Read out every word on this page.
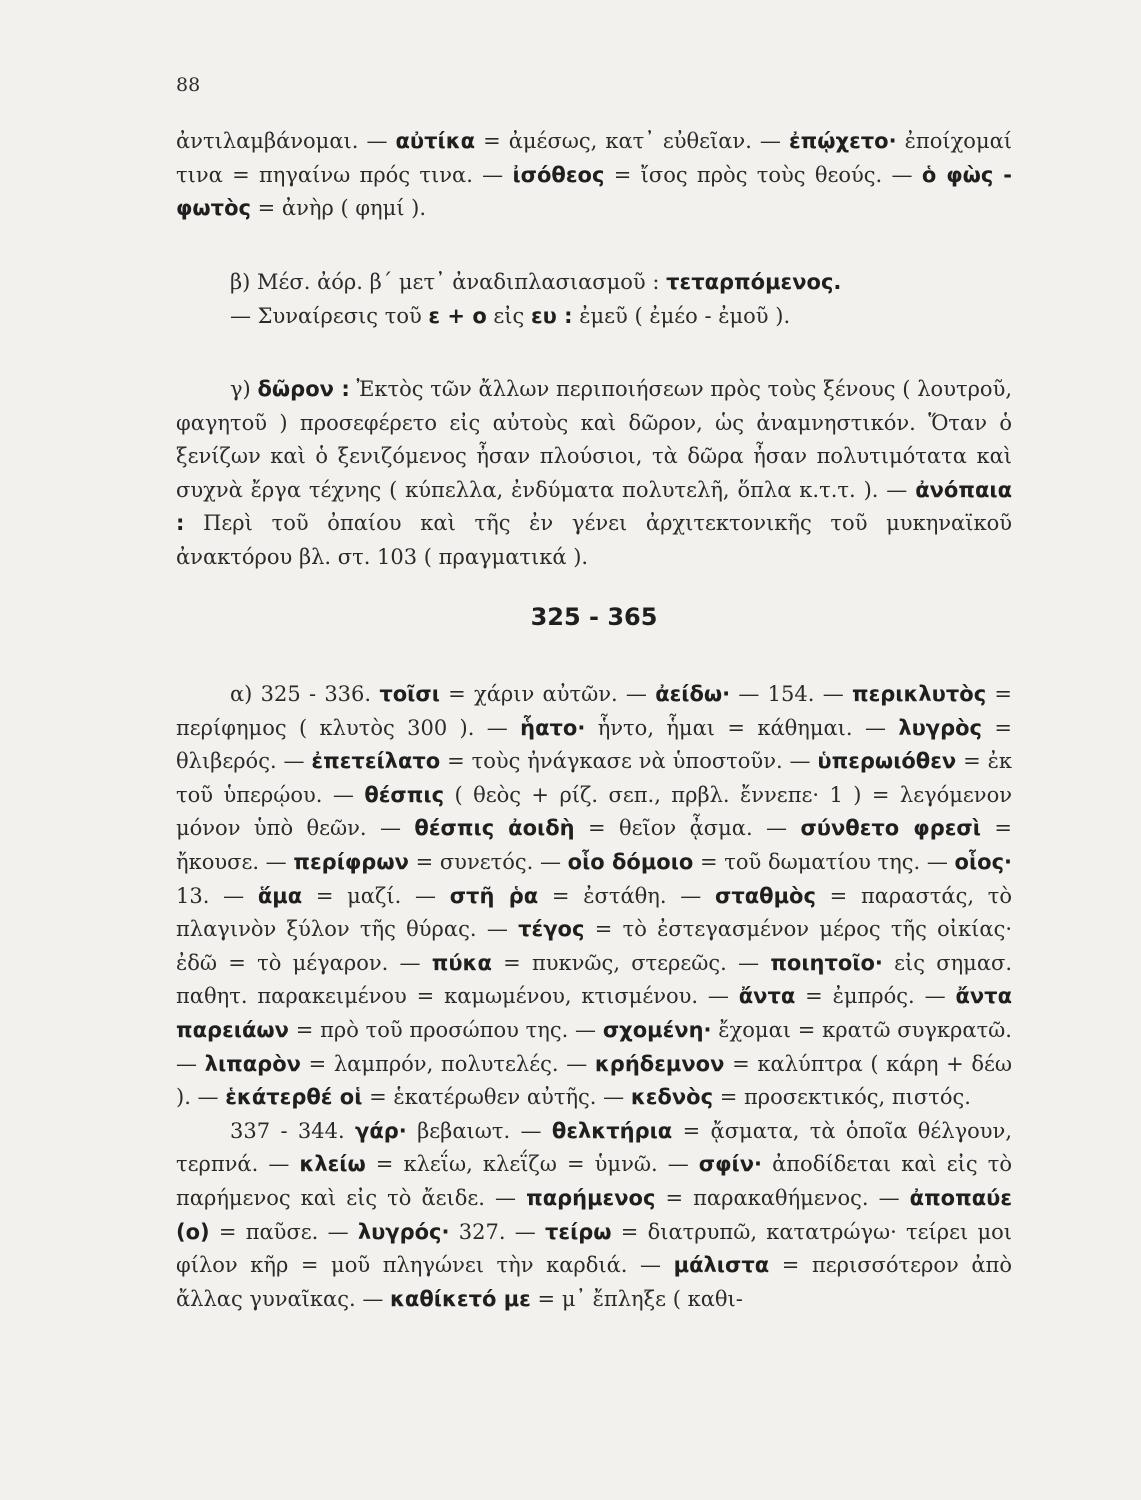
88

ἀντιλαμβάνομαι. — αὐτίκα = ἀμέσως, κατ᾿ εὐθεῖαν. — ἐπῴχετο· ἐποίχομαί τινα = πηγαίνω πρός τινα. — ἰσόθεος = ἴσος πρὸς τοὺς θεούς. — ὁ φὼς - φωτὸς = ἀνὴρ ( φημί ).

β) Μέσ. ἀόρ. β΄ μετ᾿ ἀναδιπλασιασμοῦ : τεταρπόμενος.

— Συναίρεσις τοῦ ε + ο εἰς ευ : ἐμεῦ ( ἐμέο - ἐμοῦ ).

γ) δῶρον : Ἐκτὸς τῶν ἄλλων περιποιήσεων πρὸς τοὺς ξένους ( λουτροῦ, φαγητοῦ ) προσεφέρετο εἰς αὐτοὺς καὶ δῶρον, ὡς ἀναμνηστικόν. Ὅταν ὁ ξενίζων καὶ ὁ ξενιζόμενος ἦσαν πλούσιοι, τὰ δῶρα ἦσαν πολυτιμότατα καὶ συχνὰ ἔργα τέχνης ( κύπελλα, ἐνδύματα πολυτελῆ, ὅπλα κ.τ.τ. ). — ἀνόπαια : Περὶ τοῦ ὀπαίου καὶ τῆς ἐν γένει ἀρχιτεκτονικῆς τοῦ μυκηναϊκοῦ ἀνακτόρου βλ. στ. 103 ( πραγματικά ).

325 - 365

α) 325 - 336. τοῖσι = χάριν αὐτῶν. — ἀείδω· — 154. — περικλυτὸς = περίφημος ( κλυτὸς 300 ). — ἧατο· ἧντο, ἧμαι = κάθημαι. — λυγρὸς = θλιβερός. — ἐπετείλατο = τοὺς ἠνάγκασε νὰ ὑποστοῦν. — ὑπερωιόθεν = ἐκ τοῦ ὑπερῴου. — θέσπις ( θεὸς + ρίζ. σεπ., πρβλ. ἔννεπε· 1 ) = λεγόμενον μόνον ὑπὸ θεῶν. — θέσπις ἀοιδὴ = θεῖον ᾆσμα. — σύνθετο φρεσὶ = ἤκουσε. — περίφρων = συνετός. — οἷο δόμοιο = τοῦ δωματίου της. — οἷος· 13. — ἅμα = μαζί. — στῆ ῥα = ἐστάθη. — σταθμὸς = παραστάς, τὸ πλαγινὸν ξύλον τῆς θύρας. — τέγος = τὸ ἐστεγασμένον μέρος τῆς οἰκίας· ἐδῶ = τὸ μέγαρον. — πύκα = πυκνῶς, στερεῶς. — ποιητοῖο· εἰς σημασ. παθητ. παρακειμένου = καμωμένου, κτισμένου. — ἄντα = ἐμπρός. — ἄντα παρειάων = πρὸ τοῦ προσώπου της. — σχομένη· ἔχομαι = κρατῶ συγκρατῶ. — λιπαρὸν = λαμπρόν, πολυτελές. — κρήδεμνον = καλύπτρα ( κάρη + δέω ). — ἑκάτερθέ οἱ = ἑκατέρωθεν αὐτῆς. — κεδνὸς = προσεκτικός, πιστός.

337 - 344. γάρ· βεβαιωτ. — θελκτήρια = ᾄσματα, τὰ ὁποῖα θέλγουν, τερπνά. — κλείω = κλεΐω, κλεΐζω = ὑμνῶ. — σφίν· ἀποδίδεται καὶ εἰς τὸ παρήμενος καὶ εἰς τὸ ἄειδε. — παρήμενος = παρακαθήμενος. — ἀποπαύε (ο) = παῦσε. — λυγρός· 327. — τείρω = διατρυπῶ, κατατρώγω· τείρει μοι φίλον κῆρ = μοῦ πληγώνει τὴν καρδιά. — μάλιστα = περισσότερον ἀπὸ ἄλλας γυναῖκας. — καθίκετό με = μ᾿ ἔπληξε ( καθι-
